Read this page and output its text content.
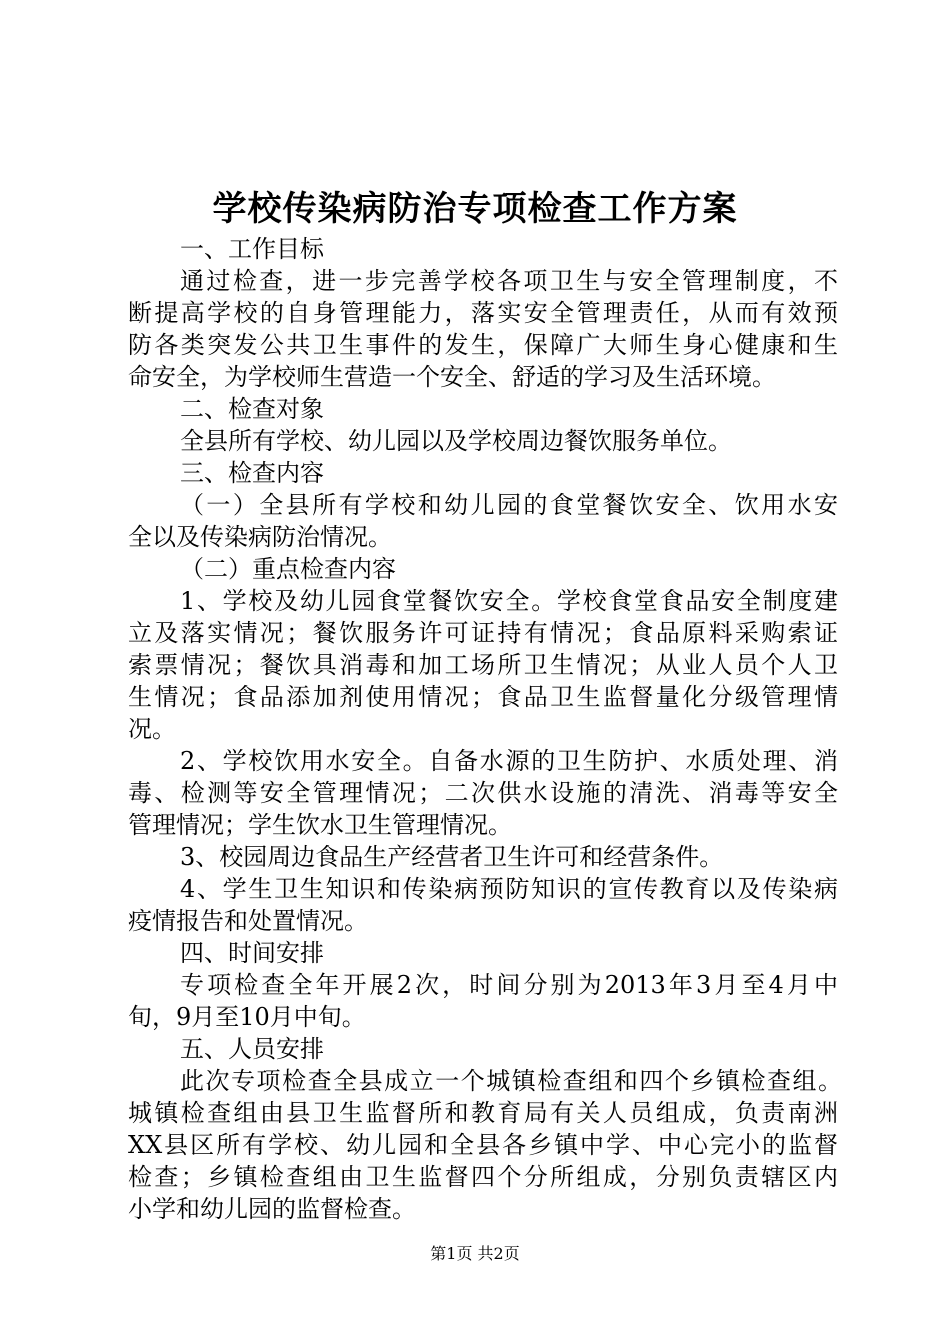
学校传染病防治专项检查工作方案
一、工作目标
通过检查，进一步完善学校各项卫生与安全管理制度，不
断提高学校的自身管理能力，落实安全管理责任，从而有效预
防各类突发公共卫生事件的发生，保障广大师生身心健康和生
命安全，为学校师生营造一个安全、舒适的学习及生活环境。
二、检查对象
全县所有学校、幼儿园以及学校周边餐饮服务单位。
三、检查内容
（一）全县所有学校和幼儿园的食堂餐饮安全、饮用水安
全以及传染病防治情况。
（二）重点检查内容
1、学校及幼儿园食堂餐饮安全。学校食堂食品安全制度建
立及落实情况；餐饮服务许可证持有情况；食品原料采购索证
索票情况；餐饮具消毒和加工场所卫生情况；从业人员个人卫
生情况；食品添加剂使用情况；食品卫生监督量化分级管理情
况。
2、学校饮用水安全。自备水源的卫生防护、水质处理、消
毒、检测等安全管理情况；二次供水设施的清洗、消毒等安全
管理情况；学生饮水卫生管理情况。
3、校园周边食品生产经营者卫生许可和经营条件。
4、学生卫生知识和传染病预防知识的宣传教育以及传染病
疫情报告和处置情况。
四、时间安排
专项检查全年开展2次，时间分别为2013年3月至4月中
旬，9月至10月中旬。
五、人员安排
此次专项检查全县成立一个城镇检查组和四个乡镇检查组。
城镇检查组由县卫生监督所和教育局有关人员组成，负责南洲
XX县区所有学校、幼儿园和全县各乡镇中学、中心完小的监督
检查；乡镇检查组由卫生监督四个分所组成，分别负责辖区内
小学和幼儿园的监督检查。
第1页 共2页
